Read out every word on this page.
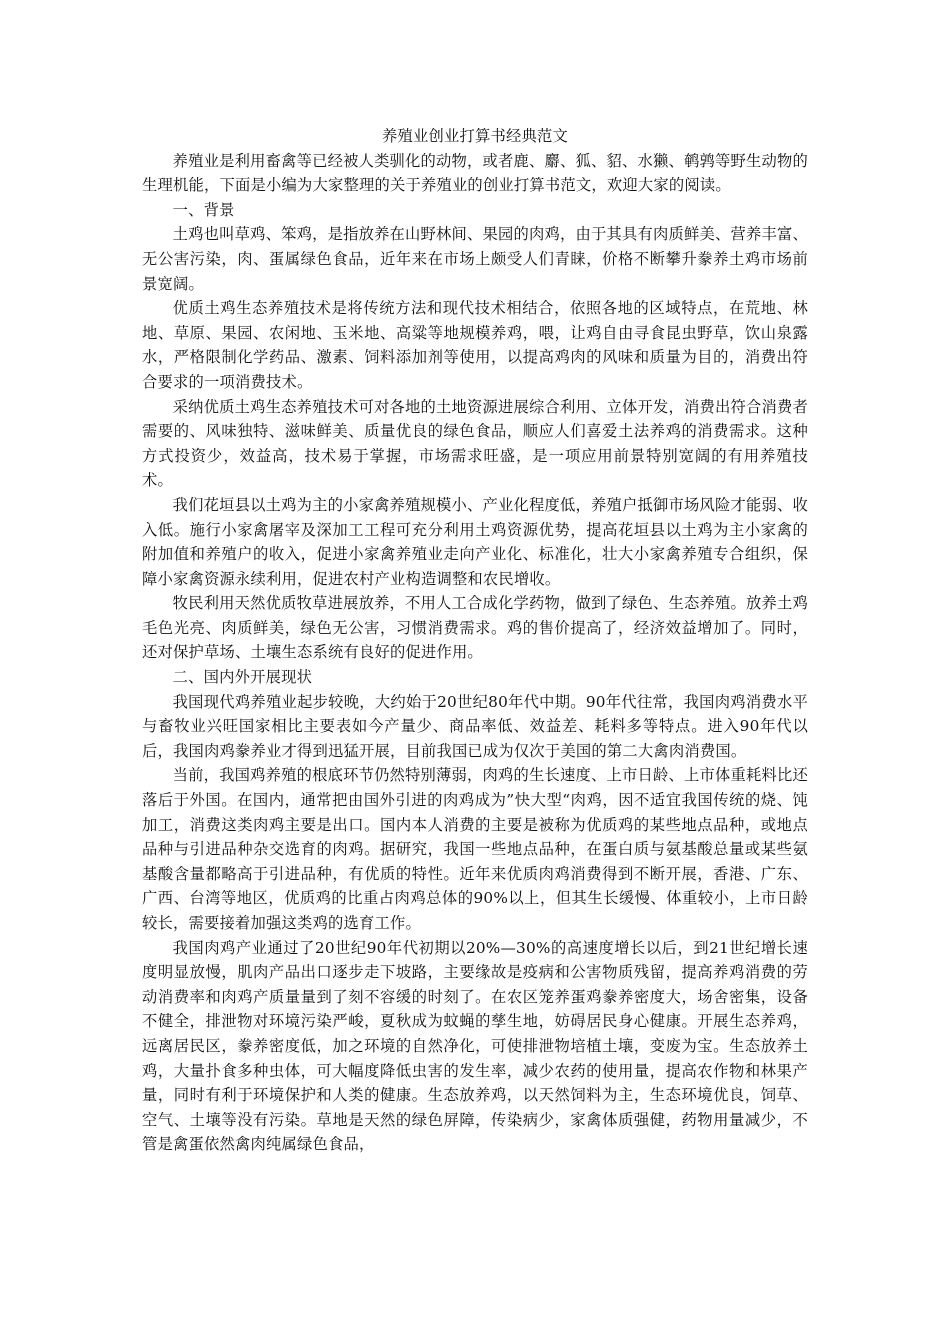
养殖业创业打算书经典范文

养殖业是利用畜禽等已经被人类驯化的动物，或者鹿、麝、狐、貂、水獭、鹌鹑等野生动物的生理机能，下面是小编为大家整理的关于养殖业的创业打算书范文，欢迎大家的阅读。

一、背景

土鸡也叫草鸡、笨鸡，是指放养在山野林间、果园的肉鸡，由于其具有肉质鲜美、营养丰富、无公害污染，肉、蛋属绿色食品，近年来在市场上颇受人们青睐，价格不断攀升豢养土鸡市场前景宽阔。

优质土鸡生态养殖技术是将传统方法和现代技术相结合，依照各地的区域特点，在荒地、林地、草原、果园、农闲地、玉米地、高粱等地规模养鸡，喂，让鸡自由寻食昆虫野草，饮山泉露水，严格限制化学药品、激素、饲料添加剂等使用，以提高鸡肉的风味和质量为目的，消费出符合要求的一项消费技术。

采纳优质土鸡生态养殖技术可对各地的土地资源进展综合利用、立体开发，消费出符合消费者需要的、风味独特、滋味鲜美、质量优良的绿色食品，顺应人们喜爱土法养鸡的消费需求。这种方式投资少，效益高，技术易于掌握，市场需求旺盛，是一项应用前景特别宽阔的有用养殖技术。

我们花垣县以土鸡为主的小家禽养殖规模小、产业化程度低，养殖户抵御市场风险才能弱、收入低。施行小家禽屠宰及深加工工程可充分利用土鸡资源优势，提高花垣县以土鸡为主小家禽的附加值和养殖户的收入，促进小家禽养殖业走向产业化、标准化，壮大小家禽养殖专合组织，保障小家禽资源永续利用，促进农村产业构造调整和农民增收。

牧民利用天然优质牧草进展放养，不用人工合成化学药物，做到了绿色、生态养殖。放养土鸡毛色光亮、肉质鲜美，绿色无公害，习惯消费需求。鸡的售价提高了，经济效益增加了。同时，还对保护草场、土壤生态系统有良好的促进作用。

二、国内外开展现状

我国现代鸡养殖业起步较晚，大约始于20世纪80年代中期。90年代往常，我国肉鸡消费水平与畜牧业兴旺国家相比主要表如今产量少、商品率低、效益差、耗料多等特点。进入90年代以后，我国肉鸡豢养业才得到迅猛开展，目前我国已成为仅次于美国的第二大禽肉消费国。

当前，我国鸡养殖的根底环节仍然特别薄弱，肉鸡的生长速度、上市日龄、上市体重耗料比还落后于外国。在国内，通常把由国外引进的肉鸡成为”快大型“肉鸡，因不适宜我国传统的烧、饨加工，消费这类肉鸡主要是出口。国内本人消费的主要是被称为优质鸡的某些地点品种，或地点品种与引进品种杂交选育的肉鸡。据研究，我国一些地点品种，在蛋白质与氨基酸总量或某些氨基酸含量都略高于引进品种，有优质的特性。近年来优质肉鸡消费得到不断开展，香港、广东、广西、台湾等地区，优质鸡的比重占肉鸡总体的90%以上，但其生长缓慢、体重较小，上市日龄较长，需要接着加强这类鸡的选育工作。

我国肉鸡产业通过了20世纪90年代初期以20%—30%的高速度增长以后，到21世纪增长速度明显放慢，肌肉产品出口逐步走下坡路，主要缘故是疫病和公害物质残留，提高养鸡消费的劳动消费率和肉鸡产质量量到了刻不容缓的时刻了。在农区笼养蛋鸡豢养密度大，场舍密集，设备不健全，排泄物对环境污染严峻，夏秋成为蚊蝇的孳生地，妨碍居民身心健康。开展生态养鸡，远离居民区，豢养密度低，加之环境的自然净化，可使排泄物培植土壤，变废为宝。生态放养土鸡，大量扑食多种虫体，可大幅度降低虫害的发生率，减少农药的使用量，提高农作物和林果产量，同时有利于环境保护和人类的健康。生态放养鸡，以天然饲料为主，生态环境优良，饲草、空气、土壤等没有污染。草地是天然的绿色屏障，传染病少，家禽体质强健，药物用量减少，不管是禽蛋依然禽肉纯属绿色食品，
